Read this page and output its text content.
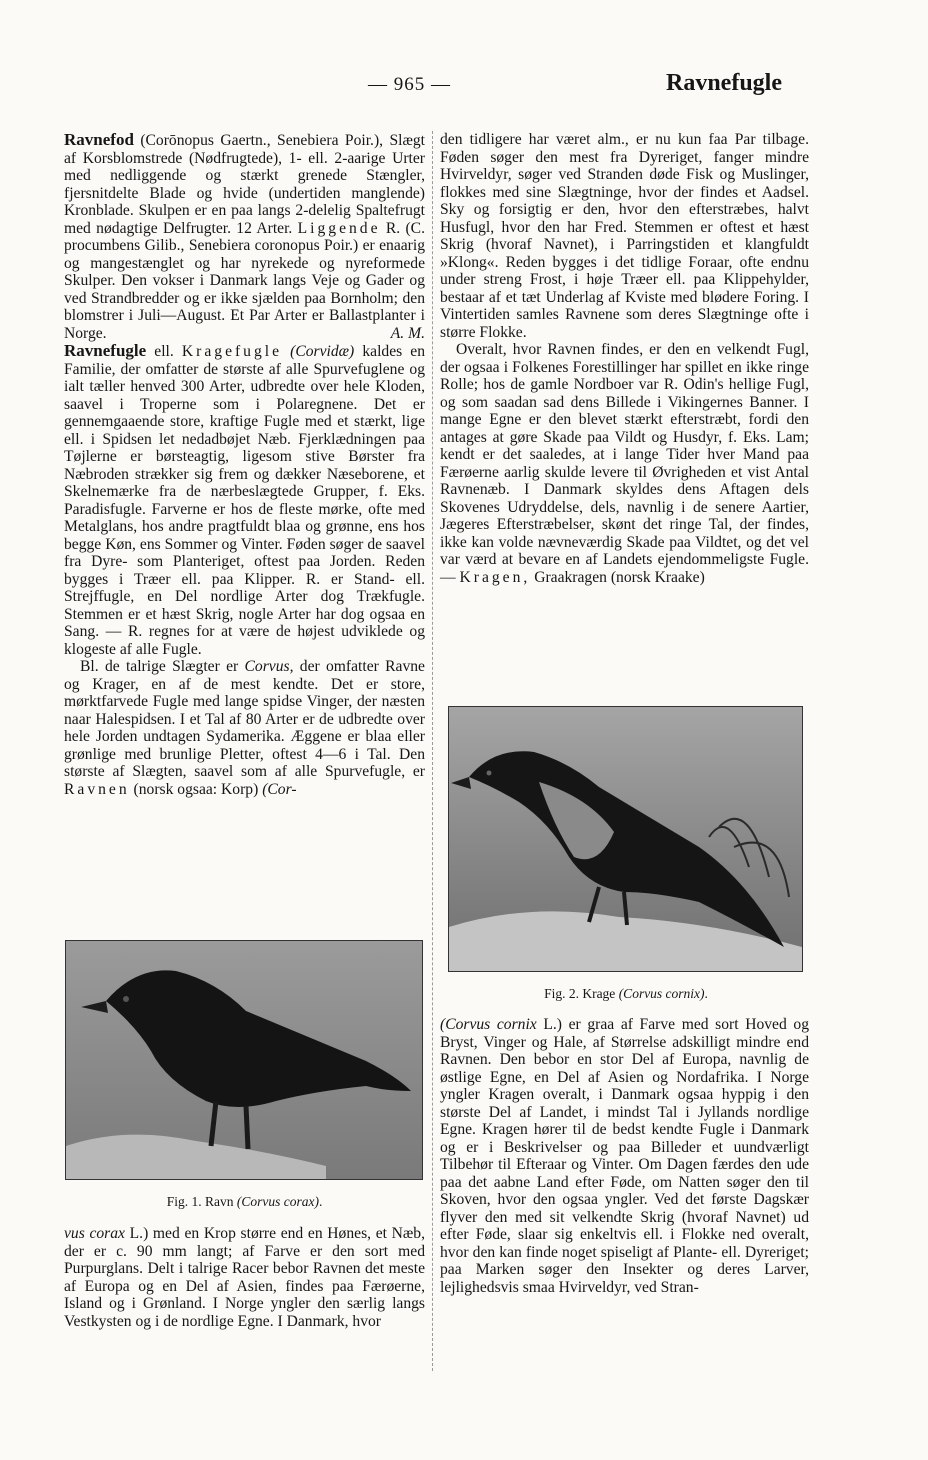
— 965 —	Ravnefugle

Ravnefod (Corōnopus Gaertn., Senebiera Poir.), Slægt af Korsblomstrede (Nødfrugtede), 1- ell. 2-aarige Urter med nedliggende og stærkt grenede Stængler, fjersnitdelte Blade og hvide (undertiden manglende) Kronblade. Skulpen er en paa langs 2-delelig Spaltefrugt med nødagtige Delfrugter. 12 Arter. Liggende R. (C. procumbens Gilib., Senebiera coronopus Poir.) er enaarig og mangestænglet og har nyrekede og nyreformede Skulper. Den vokser i Danmark langs Veje og Gader og ved Strandbredder og er ikke sjælden paa Bornholm; den blomstrer i Juli—August. Et Par Arter er Ballastplanter i Norge.	A. M.

Ravnefugle ell. Kragefugle (Corvidæ) kaldes en Familie, der omfatter de største af alle Spurvefuglene og ialt tæller henved 300 Arter, udbredte over hele Kloden, saavel i Troperne som i Polaregnene. Det er gennemgaaende store, kraftige Fugle med et stærkt, lige ell. i Spidsen let nedadbøjet Næb. Fjerklædningen paa Tøjlerne er børsteagtig, ligesom stive Børster fra Næbroden strækker sig frem og dækker Næseborene, et Skelnemærke fra de nærbeslægtede Grupper, f. Eks. Paradisfugle. Farverne er hos de fleste mørke, ofte med Metalglans, hos andre pragtfuldt blaa og grønne, ens hos begge Køn, ens Sommer og Vinter. Føden søger de saavel fra Dyre- som Planteriget, oftest paa Jorden. Reden bygges i Træer ell. paa Klipper. R. er Stand- ell. Strejffugle, en Del nordlige Arter dog Trækfugle. Stemmen er et hæst Skrig, nogle Arter har dog ogsaa en Sang. — R. regnes for at være de højest udviklede og klogeste af alle Fugle.

Bl. de talrige Slægter er Corvus, der omfatter Ravne og Krager, en af de mest kendte. Det er store, mørktfarvede Fugle med lange spidse Vinger, der næsten naar Halespidsen. I et Tal af 80 Arter er de udbredte over hele Jorden undtagen Sydamerika. Æggene er blaa eller grønlige med brunlige Pletter, oftest 4—6 i Tal. Den største af Slægten, saavel som af alle Spurvefugle, er Ravnen (norsk ogsaa: Korp) (Cor-

Fig. 1. Ravn (Corvus corax).

vus corax L.) med en Krop større end en Hønes, et Næb, der er c. 90 mm langt; af Farve er den sort med Purpurglans. Delt i talrige Racer bebor Ravnen det meste af Europa og en Del af Asien, findes paa Færøerne, Island og i Grønland. I Norge yngler den særlig langs Vestkysten og i de nordlige Egne. I Danmark, hvor

den tidligere har været alm., er nu kun faa Par tilbage. Føden søger den mest fra Dyreriget, fanger mindre Hvirveldyr, søger ved Stranden døde Fisk og Muslinger, flokkes med sine Slægtninge, hvor der findes et Aadsel. Sky og forsigtig er den, hvor den efterstræbes, halvt Husfugl, hvor den har Fred. Stemmen er oftest et hæst Skrig (hvoraf Navnet), i Parringstiden et klangfuldt »Klong«. Reden bygges i det tidlige Foraar, ofte endnu under streng Frost, i høje Træer ell. paa Klippehylder, bestaar af et tæt Underlag af Kviste med blødere Foring. I Vintertiden samles Ravnene som deres Slægtninge ofte i større Flokke.

Overalt, hvor Ravnen findes, er den en velkendt Fugl, der ogsaa i Folkenes Forestillinger har spillet en ikke ringe Rolle; hos de gamle Nordboer var R. Odin's hellige Fugl, og som saadan sad dens Billede i Vikingernes Banner. I mange Egne er den blevet stærkt efterstræbt, fordi den antages at gøre Skade paa Vildt og Husdyr, f. Eks. Lam; kendt er det saaledes, at i lange Tider hver Mand paa Færøerne aarlig skulde levere til Øvrigheden et vist Antal Ravnenæb. I Danmark skyldes dens Aftagen dels Skovenes Udryddelse, dels, navnlig i de senere Aartier, Jægeres Efterstræbelser, skønt det ringe Tal, der findes, ikke kan volde nævneværdig Skade paa Vildtet, og det vel var værd at bevare en af Landets ejendommeligste Fugle. — Kragen, Graakragen (norsk Kraake)

Fig. 2. Krage (Corvus cornix).

(Corvus cornix L.) er graa af Farve med sort Hoved og Bryst, Vinger og Hale, af Størrelse adskilligt mindre end Ravnen. Den bebor en stor Del af Europa, navnlig de østlige Egne, en Del af Asien og Nordafrika. I Norge yngler Kragen overalt, i Danmark ogsaa hyppig i den største Del af Landet, i mindst Tal i Jyllands nordlige Egne. Kragen hører til de bedst kendte Fugle i Danmark og er i Beskrivelser og paa Billeder et uundværligt Tilbehør til Efteraar og Vinter. Om Dagen færdes den ude paa det aabne Land efter Føde, om Natten søger den til Skoven, hvor den ogsaa yngler. Ved det første Dagskær flyver den med sit velkendte Skrig (hvoraf Navnet) ud efter Føde, slaar sig enkeltvis ell. i Flokke ned overalt, hvor den kan finde noget spiseligt af Plante- ell. Dyreriget; paa Marken søger den Insekter og deres Larver, lejlighedsvis smaa Hvirveldyr, ved Stran-
